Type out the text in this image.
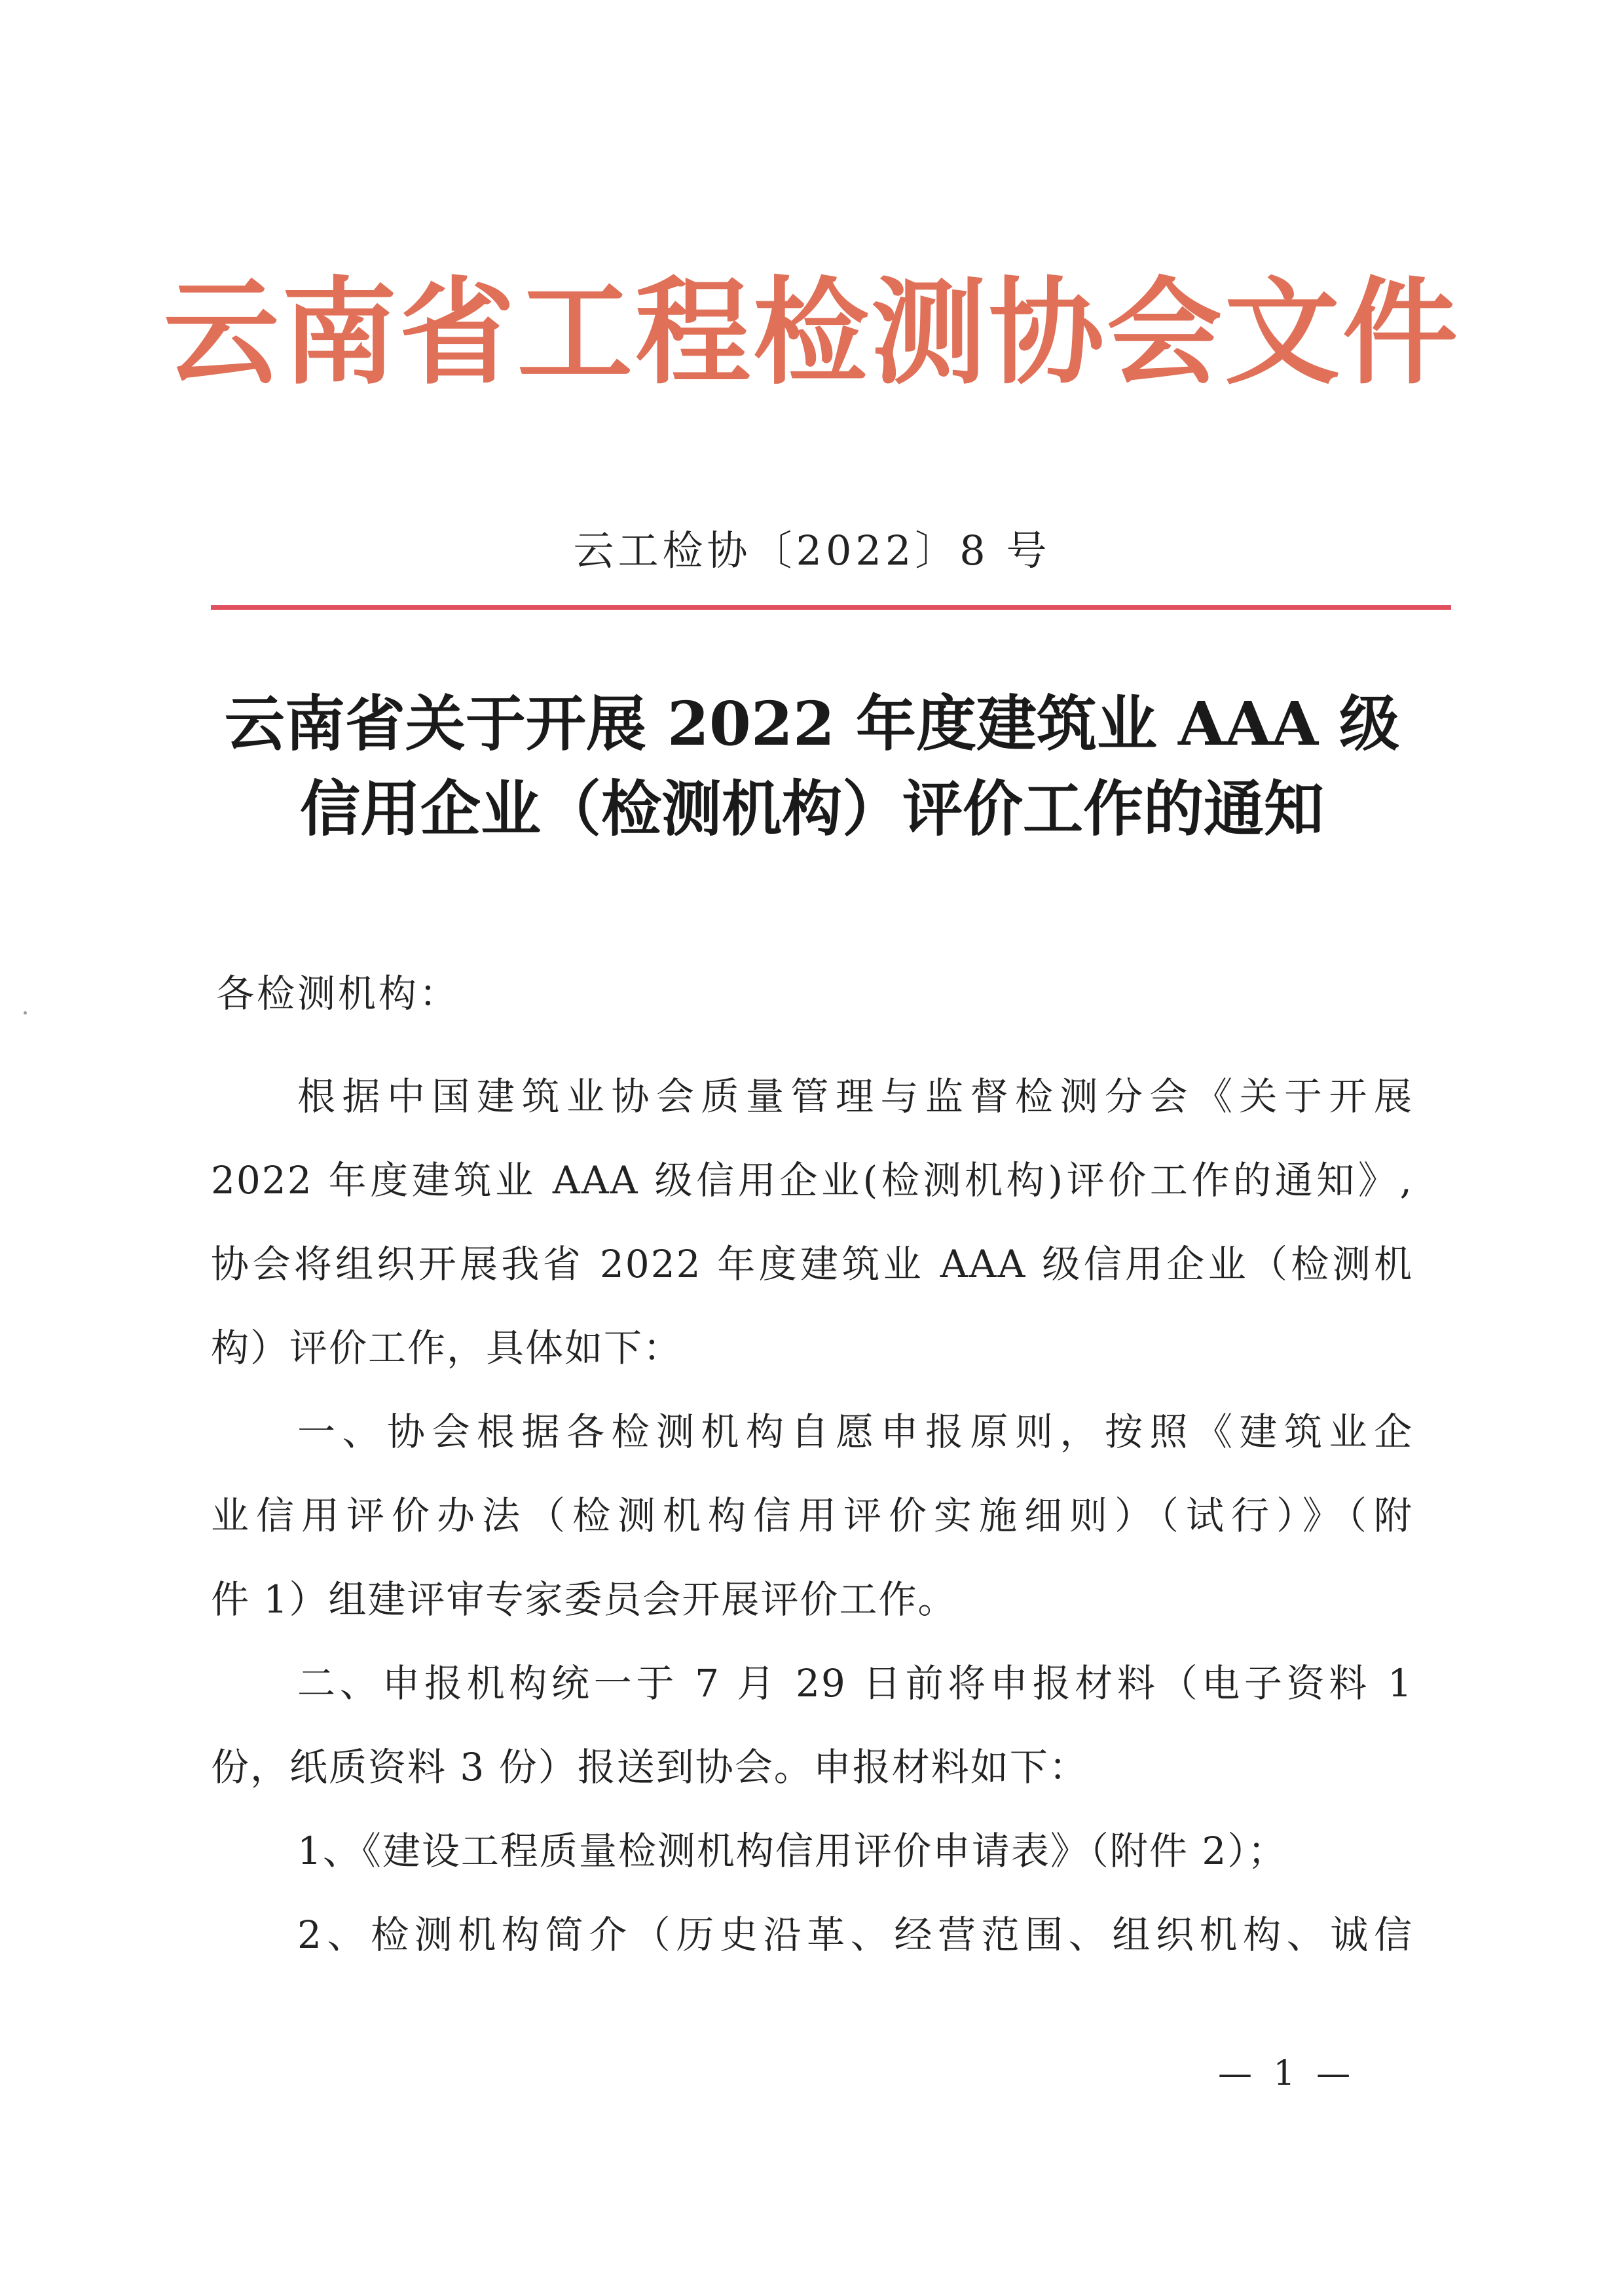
云南省工程检测协会文件
云工检协〔2022〕8 号
云南省关于开展 2022 年度建筑业 AAA 级
信用企业（检测机构）评价工作的通知
各检测机构：
根据中国建筑业协会质量管理与监督检测分会《关于开展
2022 年度建筑业 AAA 级信用企业(检测机构)评价工作的通知》,
协会将组织开展我省 2022 年度建筑业 AAA 级信用企业（检测机
构）评价工作，具体如下：
一、协会根据各检测机构自愿申报原则，按照《建筑业企
业信用评价办法（检测机构信用评价实施细则）（试行）》（附
件 1）组建评审专家委员会开展评价工作。
二、申报机构统一于 7 月 29 日前将申报材料（电子资料 1
份，纸质资料 3 份）报送到协会。申报材料如下：
1、《建设工程质量检测机构信用评价申请表》（附件 2）；
2、检测机构简介（历史沿革、经营范围、组织机构、诚信
— 1 —
